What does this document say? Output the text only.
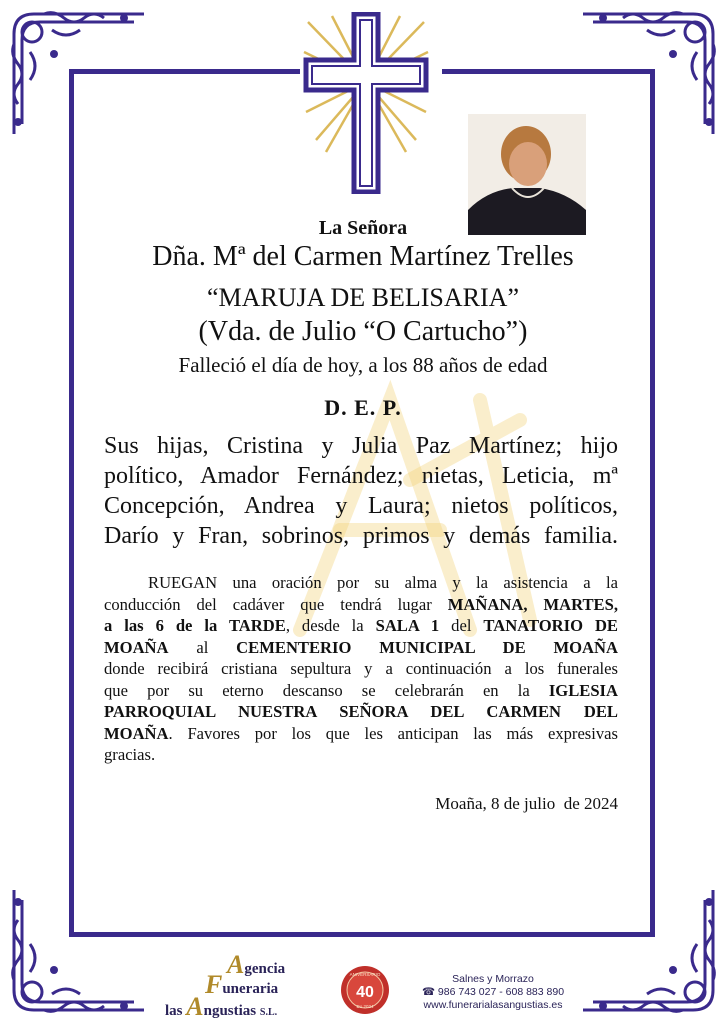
La Señora
Dña. Mª del Carmen Martínez Trelles
“MARUJA DE BELISARIA”
(Vda. de Julio “O Cartucho”)
Falleció el día de hoy, a los 88 años de edad
D. E. P.
Sus hijas, Cristina y Julia Paz Martínez; hijo
político, Amador Fernández; nietas, Leticia, mª
Concepción, Andrea y Laura; nietos políticos,
Darío y Fran, sobrinos, primos y demás familia.
RUEGAN una oración por su alma y la asistencia a la
conducción del cadáver que tendrá lugar MAÑANA, MARTES,
a las 6 de la TARDE, desde la SALA 1 del TANATORIO DE
MOAÑA al CEMENTERIO MUNICIPAL DE MOAÑA
donde recibirá cristiana sepultura y a continuación a los funerales
que por su eterno descanso se celebrarán en la IGLESIA
PARROQUIAL NUESTRA SEÑORA DEL CARMEN DEL
MOAÑA. Favores por los que les anticipan las más expresivas
gracias.
Moaña, 8 de julio  de 2024
Agencia
Funeraria
las Angustias S.L.
ANIVERSARIO
40
Do 2024
Salnes y Morrazo
☎ 986 743 027 - 608 883 890
www.funerarialasangustias.es
